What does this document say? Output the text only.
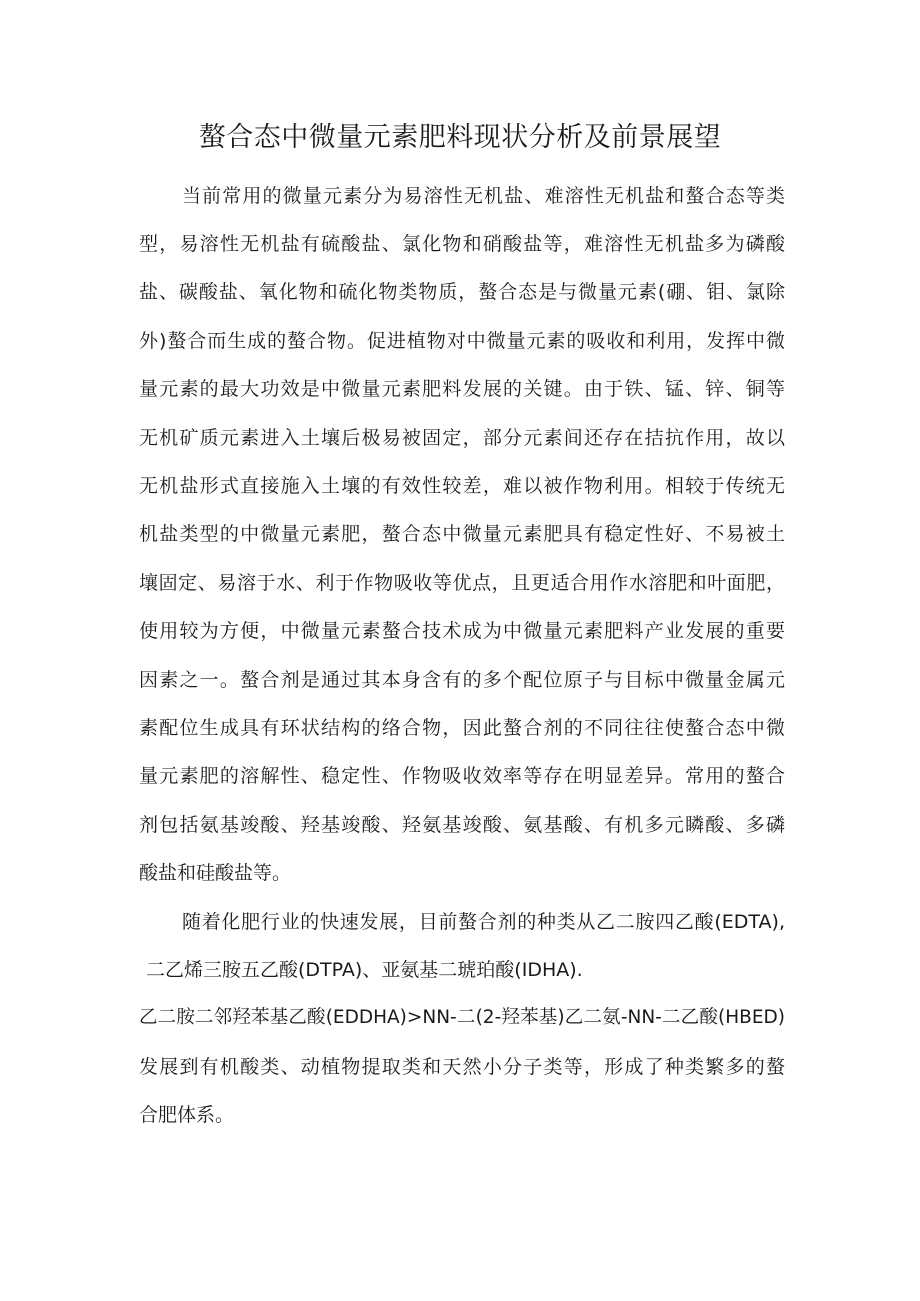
螯合态中微量元素肥料现状分析及前景展望
当前常用的微量元素分为易溶性无机盐、难溶性无机盐和螯合态等类
型，易溶性无机盐有硫酸盐、氯化物和硝酸盐等，难溶性无机盐多为磷酸
盐、碳酸盐、氧化物和硫化物类物质，螯合态是与微量元素(硼、钼、氯除
外)螯合而生成的螯合物。促进植物对中微量元素的吸收和利用，发挥中微
量元素的最大功效是中微量元素肥料发展的关键。由于铁、锰、锌、铜等
无机矿质元素进入土壤后极易被固定，部分元素间还存在拮抗作用，故以
无机盐形式直接施入土壤的有效性较差，难以被作物利用。相较于传统无
机盐类型的中微量元素肥，螯合态中微量元素肥具有稳定性好、不易被土
壤固定、易溶于水、利于作物吸收等优点，且更适合用作水溶肥和叶面肥，
使用较为方便，中微量元素螯合技术成为中微量元素肥料产业发展的重要
因素之一。螯合剂是通过其本身含有的多个配位原子与目标中微量金属元
素配位生成具有环状结构的络合物，因此螯合剂的不同往往使螯合态中微
量元素肥的溶解性、稳定性、作物吸收效率等存在明显差异。常用的螯合
剂包括氨基竣酸、羟基竣酸、羟氨基竣酸、氨基酸、有机多元瞵酸、多磷
酸盐和硅酸盐等。
随着化肥行业的快速发展，目前螯合剂的种类从乙二胺四乙酸(EDTA),
二乙烯三胺五乙酸(DTPA)、亚氨基二琥珀酸(IDHA).
乙二胺二邻羟苯基乙酸(EDDHA)>NN-二(2-羟苯基)乙二氨-NN-二乙酸(HBED)
发展到有机酸类、动植物提取类和天然小分子类等，形成了种类繁多的螯
合肥体系。
